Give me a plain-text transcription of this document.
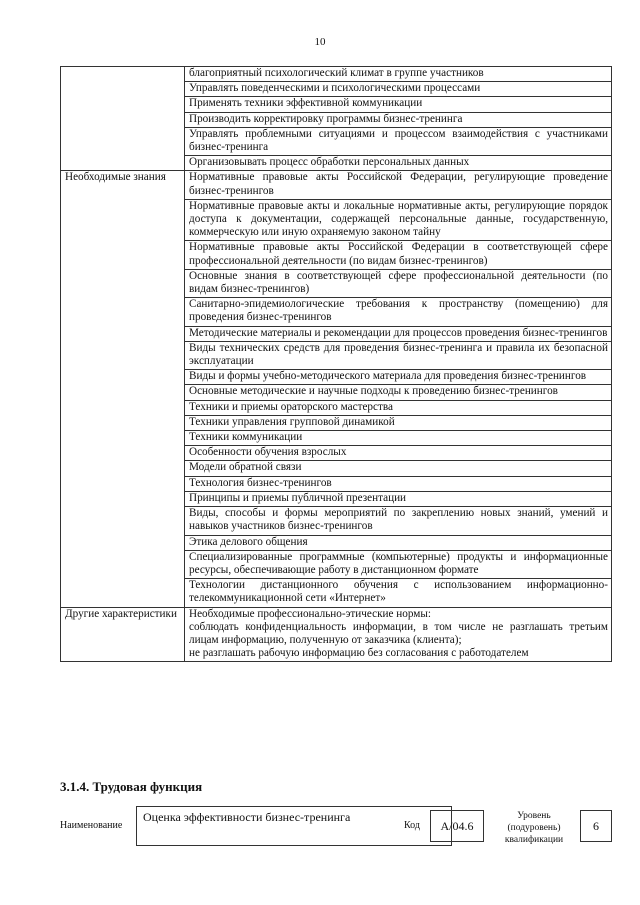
10
	благоприятный психологический климат в группе участников
	Управлять поведенческими и психологическими процессами
	Применять техники эффективной коммуникации
	Производить корректировку программы бизнес-тренинга
	Управлять проблемными ситуациями и процессом взаимодействия с участниками бизнес-тренинга
	Организовывать процесс обработки персональных данных
Необходимые знания	Нормативные правовые акты Российской Федерации, регулирующие проведение бизнес-тренингов
	Нормативные правовые акты и локальные нормативные акты, регулирующие порядок доступа к документации, содержащей персональные данные, государственную, коммерческую или иную охраняемую законом тайну
	Нормативные правовые акты Российской Федерации в соответствующей сфере профессиональной деятельности (по видам бизнес-тренингов)
	Основные знания в соответствующей сфере профессиональной деятельности (по видам бизнес-тренингов)
	Санитарно-эпидемиологические требования к пространству (помещению) для проведения бизнес-тренингов
	Методические материалы и рекомендации для процессов проведения бизнес-тренингов
	Виды технических средств для проведения бизнес-тренинга и правила их безопасной эксплуатации
	Виды и формы учебно-методического материала для проведения бизнес-тренингов
	Основные методические и научные подходы к проведению бизнес-тренингов
	Техники и приемы ораторского мастерства
	Техники управления групповой динамикой
	Техники коммуникации
	Особенности обучения взрослых
	Модели обратной связи
	Технология бизнес-тренингов
	Принципы и приемы публичной презентации
	Виды, способы и формы мероприятий по закреплению новых знаний, умений и навыков участников бизнес-тренингов
	Этика делового общения
	Специализированные программные (компьютерные) продукты и информационные ресурсы, обеспечивающие работу в дистанционном формате
	Технологии дистанционного обучения с использованием информационно-телекоммуникационной сети «Интернет»
Другие характеристики	Необходимые профессионально-этические нормы:
соблюдать конфиденциальность информации, в том числе не разглашать третьим лицам информацию, полученную от заказчика (клиента);
не разглашать рабочую информацию без согласования с работодателем
3.1.4. Трудовая функция
Наименование
Оценка эффективности бизнес-тренинга
Код	А/04.6
Уровень
(подуровень)
квалификации
6
